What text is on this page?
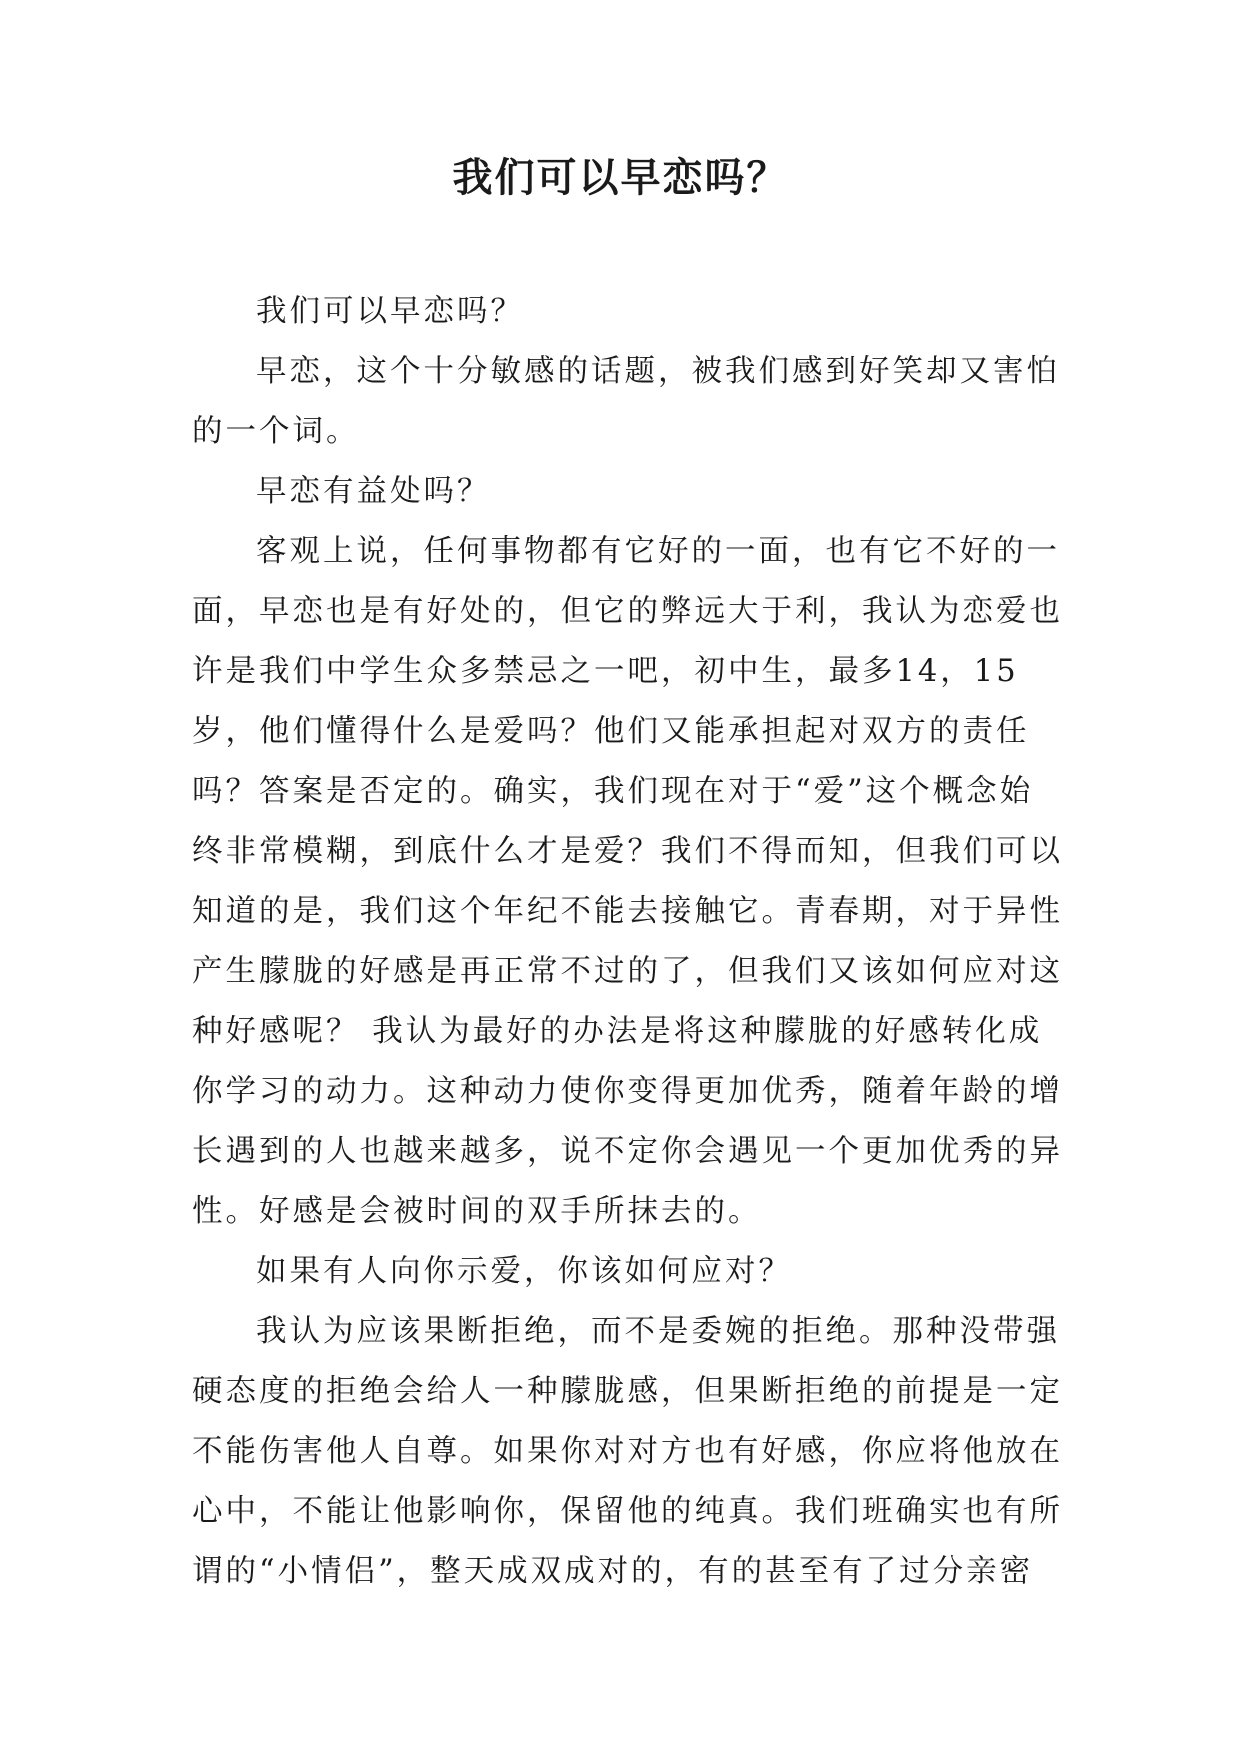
我们可以早恋吗？

我们可以早恋吗？

早恋，这个十分敏感的话题，被我们感到好笑却又害怕的一个词。

早恋有益处吗？

客观上说，任何事物都有它好的一面，也有它不好的一面，早恋也是有好处的，但它的弊远大于利，我认为恋爱也许是我们中学生众多禁忌之一吧，初中生，最多14，15岁，他们懂得什么是爱吗？他们又能承担起对双方的责任吗？答案是否定的。确实，我们现在对于“爱”这个概念始终非常模糊，到底什么才是爱？我们不得而知，但我们可以知道的是，我们这个年纪不能去接触它。青春期，对于异性产生朦胧的好感是再正常不过的了，但我们又该如何应对这种好感呢？ 我认为最好的办法是将这种朦胧的好感转化成你学习的动力。这种动力使你变得更加优秀，随着年龄的增长遇到的人也越来越多，说不定你会遇见一个更加优秀的异性。好感是会被时间的双手所抹去的。

如果有人向你示爱，你该如何应对？

我认为应该果断拒绝，而不是委婉的拒绝。那种没带强硬态度的拒绝会给人一种朦胧感，但果断拒绝的前提是一定不能伤害他人自尊。如果你对对方也有好感，你应将他放在心中，不能让他影响你，保留他的纯真。我们班确实也有所谓的“小情侣”，整天成双成对的，有的甚至有了过分亲密
